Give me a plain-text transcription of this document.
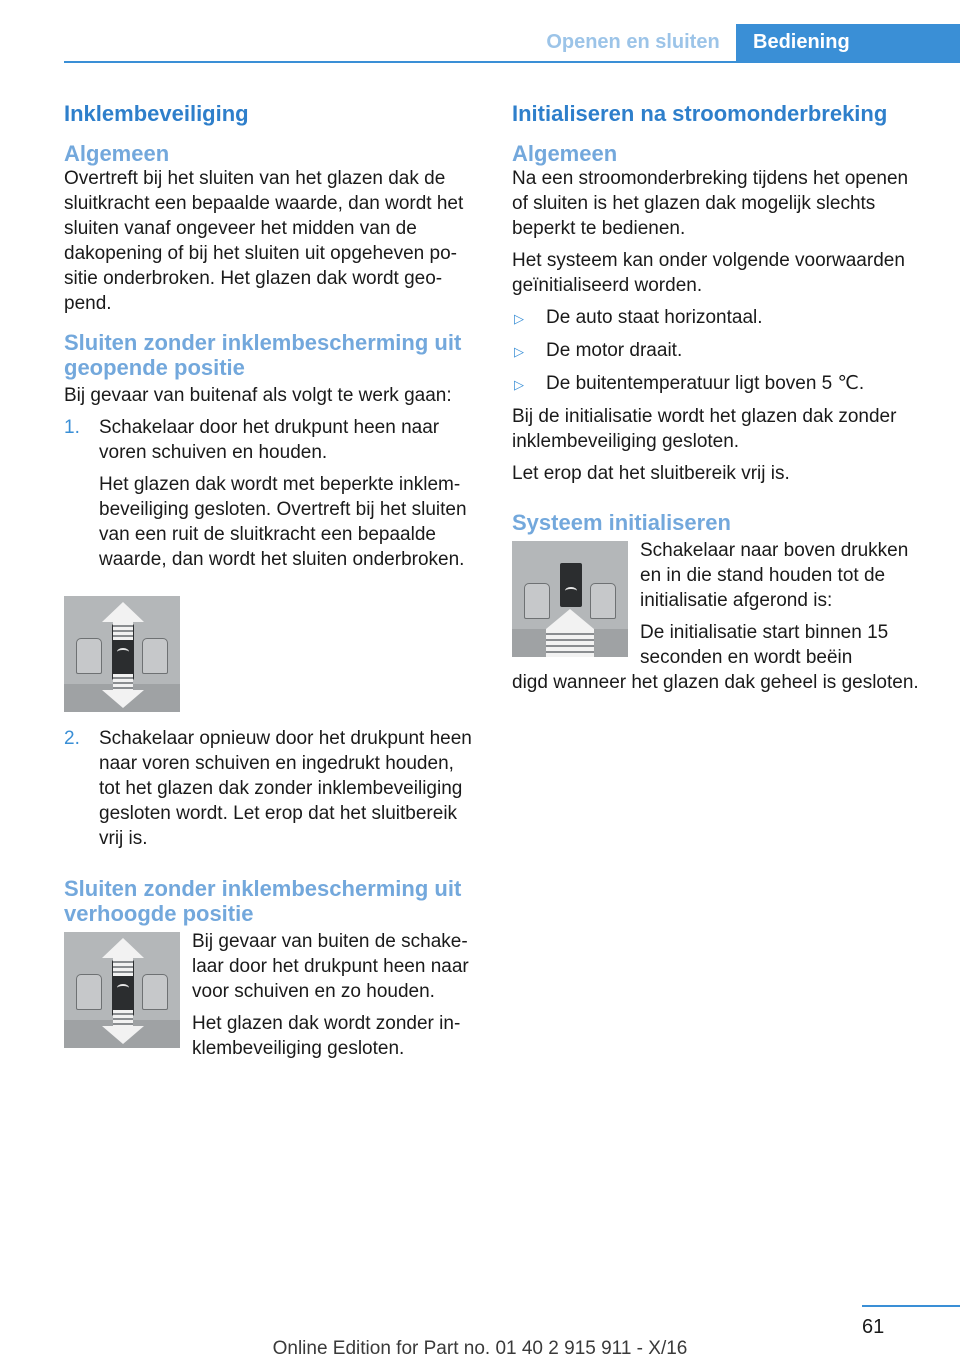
Openen en sluiten	Bediening
Inklembeveiliging
Algemeen

Overtreft bij het sluiten van het glazen dak de sluitkracht een bepaalde waarde, dan wordt het sluiten vanaf ongeveer het midden van de dakopening of bij het sluiten uit opgeheven positie onderbroken. Het glazen dak wordt geopend.

Sluiten zonder inklembescherming uit geopende positie

Bij gevaar van buitenaf als volgt te werk gaan:

1.	Schakelaar door het drukpunt heen naar voren schuiven en houden.

Het glazen dak wordt met beperkte inklembeveiliging gesloten. Overtreft bij het sluiten van een ruit de sluitkracht een bepaalde waarde, dan wordt het sluiten onderbroken.

2.	Schakelaar opnieuw door het drukpunt heen naar voren schuiven en ingedrukt houden, tot het glazen dak zonder inklembeveiliging gesloten wordt. Let erop dat het sluitbereik vrij is.

Sluiten zonder inklembescherming uit verhoogde positie

Bij gevaar van buiten de schakelaar door het drukpunt heen naar voor schuiven en zo houden.

Het glazen dak wordt zonder inklembeveiliging gesloten.

Initialiseren na stroomonderbreking
Algemeen

Na een stroomonderbreking tijdens het openen of sluiten is het glazen dak mogelijk slechts beperkt te bedienen.

Het systeem kan onder volgende voorwaarden geïnitialiseerd worden.

▷	De auto staat horizontaal.
▷	De motor draait.
▷	De buitentemperatuur ligt boven 5 ℃.

Bij de initialisatie wordt het glazen dak zonder inklembeveiliging gesloten.

Let erop dat het sluitbereik vrij is.

Systeem initialiseren

Schakelaar naar boven drukken en in die stand houden tot de initialisatie afgerond is:

De initialisatie start binnen 15 seconden en wordt beëin

digd wanneer het glazen dak geheel is gesloten.

61
Online Edition for Part no. 01 40 2 915 911 - X/16
